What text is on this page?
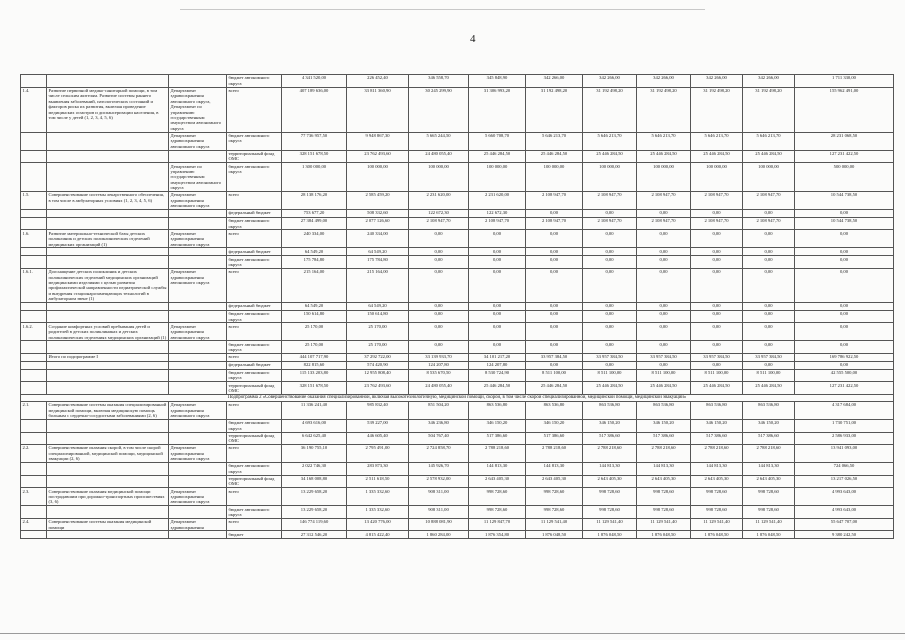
4
			бюджет автономного округа	4 341 520,00	226 452,40	346 558,70	345 848,90	342 266,00	342 266,00	342 266,00	342 266,00	342 266,00	1 711 330,00
1.4.	Развитие первичной медико-санитарной помощи, в том числе сельским жителям. Развитие системы раннего выявления заболеваний, патологических состояний и факторов риска их развития, включая проведение медицинских осмотров и диспансеризации населения, в том числе у детей (1, 2, 3, 4, 5, 6)	Департамент здравоохранения автономного округа, Департамент по управлению государственным имуществом автономного округа	всего	407 189 636,00	33 811 360,90	30 245 299,90	31 306 993,20	31 192 498,20	31 192 498,20	31 192 498,20	31 192 498,20	31 192 498,20	155 962 491,00
		Департамент здравоохранения автономного округа	бюджет автономного округа	77 736 957,50	9 948 867,30	5 665 244,50	5 660 708,70	5 646 213,70	5 646 213,70	5 646 213,70	5 646 213,70	5 646 213,70	28 231 068,50
			территориальный фонд ОМС	328 151 678,50	23 762 493,60	24 480 055,40	25 446 284,50	25 446 284,50	25 446 284,50	25 446 284,50	25 446 284,50	25 446 284,50	127 231 422,50
		Департамент по управлению государственным имуществом автономного округа	бюджет автономного округа	1 300 000,00	100 000,00	100 000,00	100 000,00	100 000,00	100 000,00	100 000,00	100 000,00	100 000,00	500 000,00
1.5.	Совершенствование системы лекарственного обеспечения, в том числе в амбулаторных условиях (1, 2, 3, 4, 5, 6)	Департамент здравоохранения автономного округа	всего	28 138 176,20	2 585 459,20	2 231 620,00	2 231 620,00	2 108 947,70	2 108 947,70	2 108 947,70	2 108 947,70	2 108 947,70	10 544 738,50
			федеральный бюджет	753 677,20	508 332,60	122 672,30	122 672,30	0,00	0,00	0,00	0,00	0,00	0,00
			бюджет автономного округа	27 384 499,00	2 077 126,60	2 108 947,70	2 108 947,70	2 108 947,70	2 108 947,70	2 108 947,70	2 108 947,70	2 108 947,70	10 544 738,50
1.6.	Развитие материально-технической базы детских поликлиник и детских поликлинических отделений медицинских организаций (1)	Департамент здравоохранения автономного округа	всего	240 334,00	240 334,00	0,00	0,00	0,00	0,00	0,00	0,00	0,00	0,00
			федеральный бюджет	64 549,20	64 549,20	0,00	0,00	0,00	0,00	0,00	0,00	0,00	0,00
			бюджет автономного округа	175 784,80	175 784,80	0,00	0,00	0,00	0,00	0,00	0,00	0,00	0,00
1.6.1.	Дооснащение детских поликлиник и детских поликлинических отделений медицинских организаций медицинскими изделиями с целью развития профилактической направленности педиатрической службы и внедрения стационарозамещающих технологий в амбулаторном звене (1)	Департамент здравоохранения автономного округа	всего	215 164,00	215 164,00	0,00	0,00	0,00	0,00	0,00	0,00	0,00	0,00
			федеральный бюджет	64 549,20	64 549,20	0,00	0,00	0,00	0,00	0,00	0,00	0,00	0,00
			бюджет автономного округа	150 614,80	150 614,80	0,00	0,00	0,00	0,00	0,00	0,00	0,00	0,00
1.6.2.	Создание комфортных условий пребывания детей и родителей в детских поликлиниках и детских поликлинических отделениях медицинских организаций (1)	Департамент здравоохранения автономного округа	всего	25 170,00	25 170,00	0,00	0,00	0,00	0,00	0,00	0,00	0,00	0,00
			бюджет автономного округа	25 170,00	25 170,00	0,00	0,00	0,00	0,00	0,00	0,00	0,00	0,00
	Итого по подпрограмме I		всего	444 107 717,90	37 292 722,00	33 139 933,70	34 101 217,20	33 957 384,50	33 957 384,50	33 957 384,50	33 957 384,50	33 957 384,50	169 786 922,50
			федеральный бюджет	822 815,60	574 420,90	124 207,80	124 207,80	0,00	0,00	0,00	0,00	0,00	0,00
			бюджет автономного округа	115 133 203,80	12 955 808,40	8 535 670,50	8 530 724,90	8 511 100,00	8 511 100,00	8 511 100,00	8 511 100,00	8 511 100,00	42 555 500,00
			территориальный фонд ОМС	328 151 678,50	23 762 493,60	24 480 055,40	25 446 284,50	25 446 284,50	25 446 284,50	25 446 284,50	25 446 284,50	25 446 284,50	127 231 422,50
Подпрограмма 2 «Совершенствование оказания специализированной, включая высокотехнологичную, медицинской помощи, скорой, в том числе скорой специализированной, медицинской помощи, медицинской эвакуации»													
2.1.	Совершенствование системы оказания специализированной медицинской помощи, включая медицинскую помощь больным с сердечно-сосудистыми заболеваниями (2, 6)	Департамент здравоохранения автономного округа	всего	11 336 241,40	985 832,40	851 504,20	863 536,80	863 536,80	863 536,80	863 536,80	863 536,80	863 536,80	4 317 684,00
			бюджет автономного округа	4 693 616,00	539 227,00	346 236,80	346 150,20	346 150,20	346 150,20	346 150,20	346 150,20	346 150,20	1 730 751,00
			территориальный фонд ОМС	6 642 625,40	446 605,40	504 767,40	517 386,60	517 386,60	517 386,60	517 386,60	517 386,60	517 386,60	2 586 933,00
2.2.	Совершенствование оказания скорой, в том числе скорой специализированной, медицинской помощи, медицинской эвакуации (2, 6)	Департамент здравоохранения автономного округа	всего	36 190 755,10	2 795 491,00	2 724 858,70	2 788 218,60	2 788 218,60	2 788 218,60	2 788 218,60	2 788 218,60	2 788 218,60	13 941 093,00
			бюджет автономного округа	2 022 746,30	283 873,30	145 926,70	144 813,30	144 813,30	144 813,30	144 813,30	144 813,30	144 813,30	724 066,50
			территориальный фонд ОМС	34 168 008,80	2 511 618,50	2 578 932,00	2 643 405,30	2 643 405,30	2 643 405,30	2 643 405,30	2 643 405,30	2 643 405,30	13 217 026,50
2.3.	Совершенствование оказания медицинской помощи пострадавшим при дорожно-транспортных происшествиях (3, 6)	Департамент здравоохранения автономного округа	всего	13 229 658,20	1 335 332,60	908 311,00	998 728,60	998 728,60	998 728,60	998 728,60	998 728,60	998 728,60	4 993 643,00
			бюджет автономного округа	13 229 658,20	1 335 332,60	908 311,00	998 728,60	998 728,60	998 728,60	998 728,60	998 728,60	998 728,60	4 993 643,00
2.4.	Совершенствование системы оказания медицинской помощи	Департамент здравоохранения	всего	146 774 119,60	13 420 776,00	10 888 081,90	11 129 847,70	11 129 541,40	11 129 541,40	11 129 541,40	11 129 541,40	11 129 541,40	55 647 707,00
			бюджет	27 312 546,20	4 815 422,40	1 860 284,00	1 876 354,80	1 876 048,50	1 876 048,50	1 876 048,50	1 876 048,50	1 876 048,50	9 380 242,50
